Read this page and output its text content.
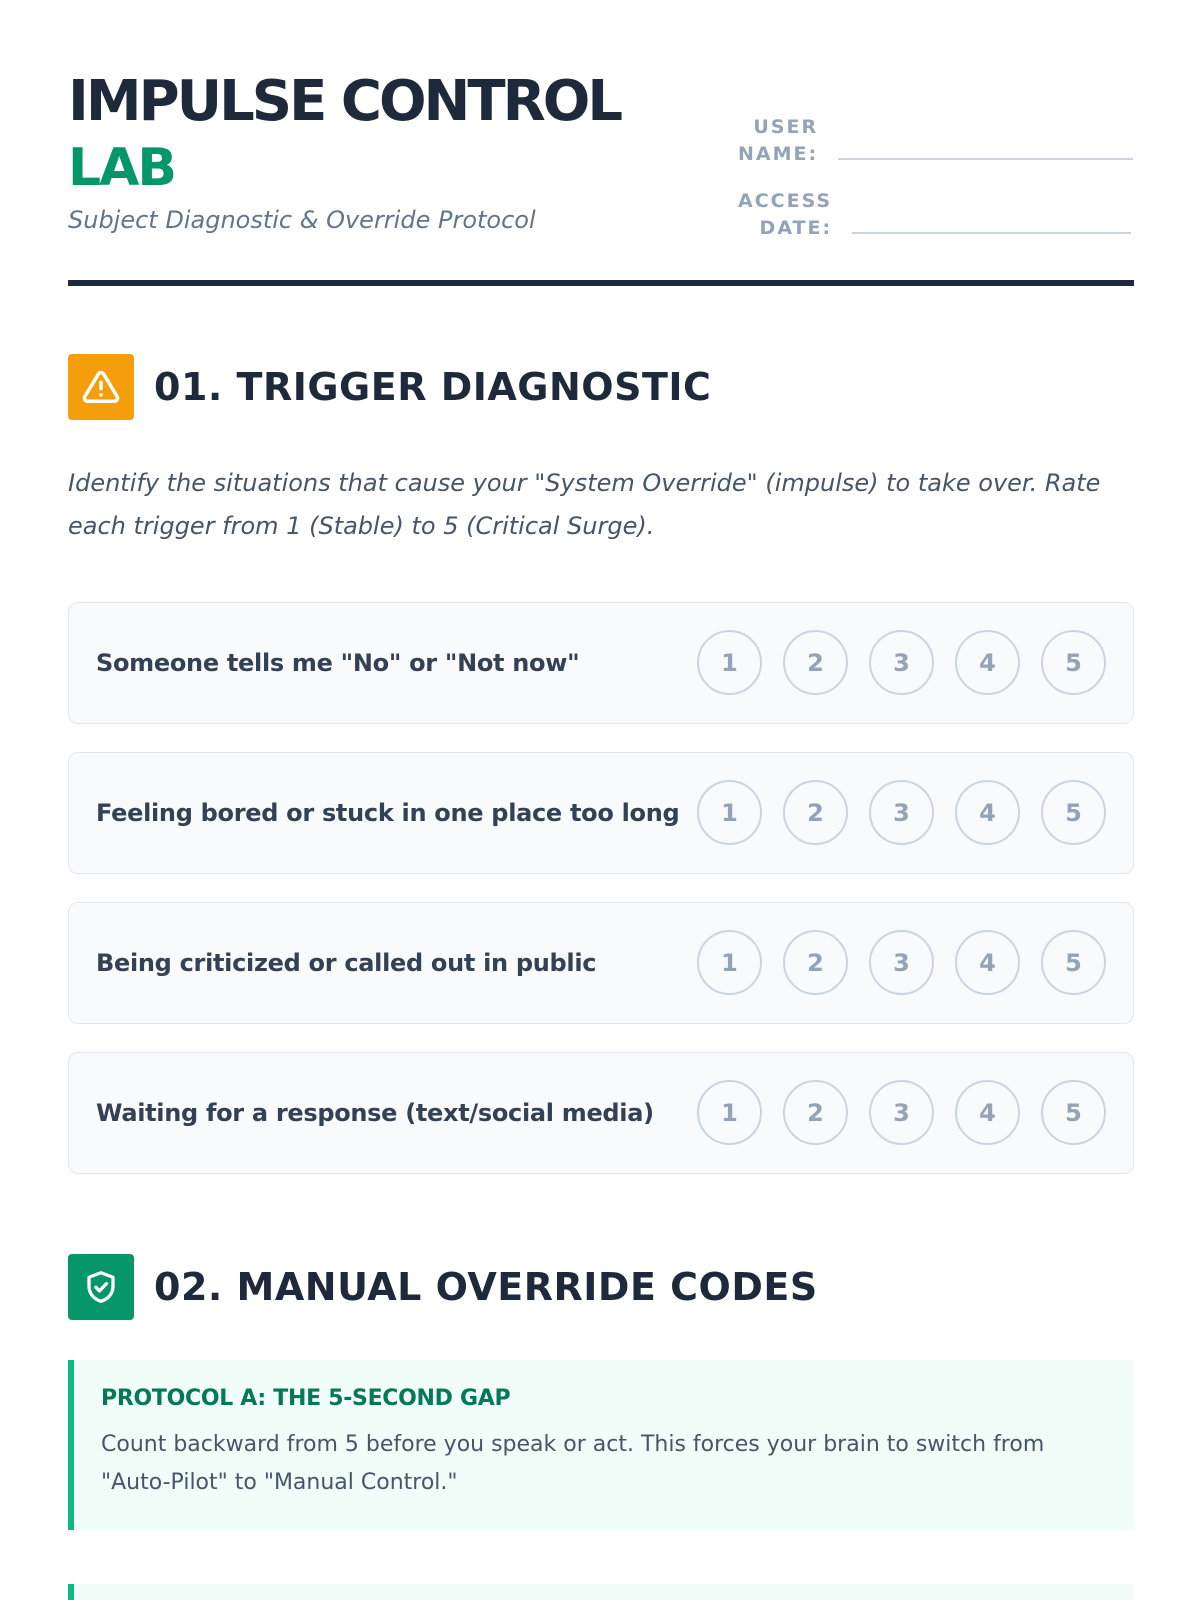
IMPULSE CONTROL
LAB
Subject Diagnostic & Override Protocol
USER
NAME:
ACCESS
DATE:
01. TRIGGER DIAGNOSTIC
Identify the situations that cause your "System Override" (impulse) to take over. Rate each trigger from 1 (Stable) to 5 (Critical Surge).
Someone tells me "No" or "Not now"	1	2	3	4	5
Feeling bored or stuck in one place too long	1	2	3	4	5
Being criticized or called out in public	1	2	3	4	5
Waiting for a response (text/social media)	1	2	3	4	5
02. MANUAL OVERRIDE CODES
PROTOCOL A: THE 5-SECOND GAP
Count backward from 5 before you speak or act. This forces your brain to switch from "Auto-Pilot" to "Manual Control."
